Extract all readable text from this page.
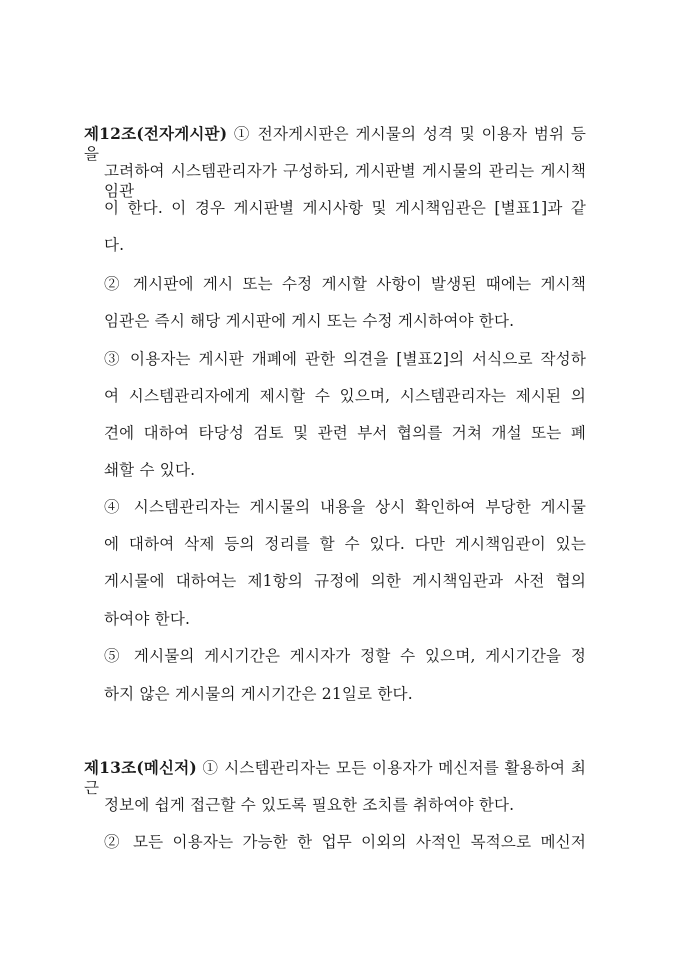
제12조(전자게시판) ① 전자게시판은 게시물의 성격 및 이용자 범위 등을
고려하여 시스템관리자가 구성하되, 게시판별 게시물의 관리는 게시책임관
이 한다. 이 경우 게시판별 게시사항 및 게시책임관은 [별표1]과 같
다.
② 게시판에 게시 또는 수정 게시할 사항이 발생된 때에는 게시책
임관은 즉시 해당 게시판에 게시 또는 수정 게시하여야 한다.
③ 이용자는 게시판 개폐에 관한 의견을 [별표2]의 서식으로 작성하
여 시스템관리자에게 제시할 수 있으며, 시스템관리자는 제시된 의
견에 대하여 타당성 검토 및 관련 부서 협의를 거쳐 개설 또는 폐
쇄할 수 있다.
④ 시스템관리자는 게시물의 내용을 상시 확인하여 부당한 게시물
에 대하여 삭제 등의 정리를 할 수 있다. 다만 게시책임관이 있는
게시물에 대하여는 제1항의 규정에 의한 게시책임관과 사전 협의
하여야 한다.
⑤ 게시물의 게시기간은 게시자가 정할 수 있으며, 게시기간을 정
하지 않은 게시물의 게시기간은 21일로 한다.
제13조(메신저) ① 시스템관리자는 모든 이용자가 메신저를 활용하여 최근
정보에 쉽게 접근할 수 있도록 필요한 조치를 취하여야 한다.
② 모든 이용자는 가능한 한 업무 이외의 사적인 목적으로 메신저
